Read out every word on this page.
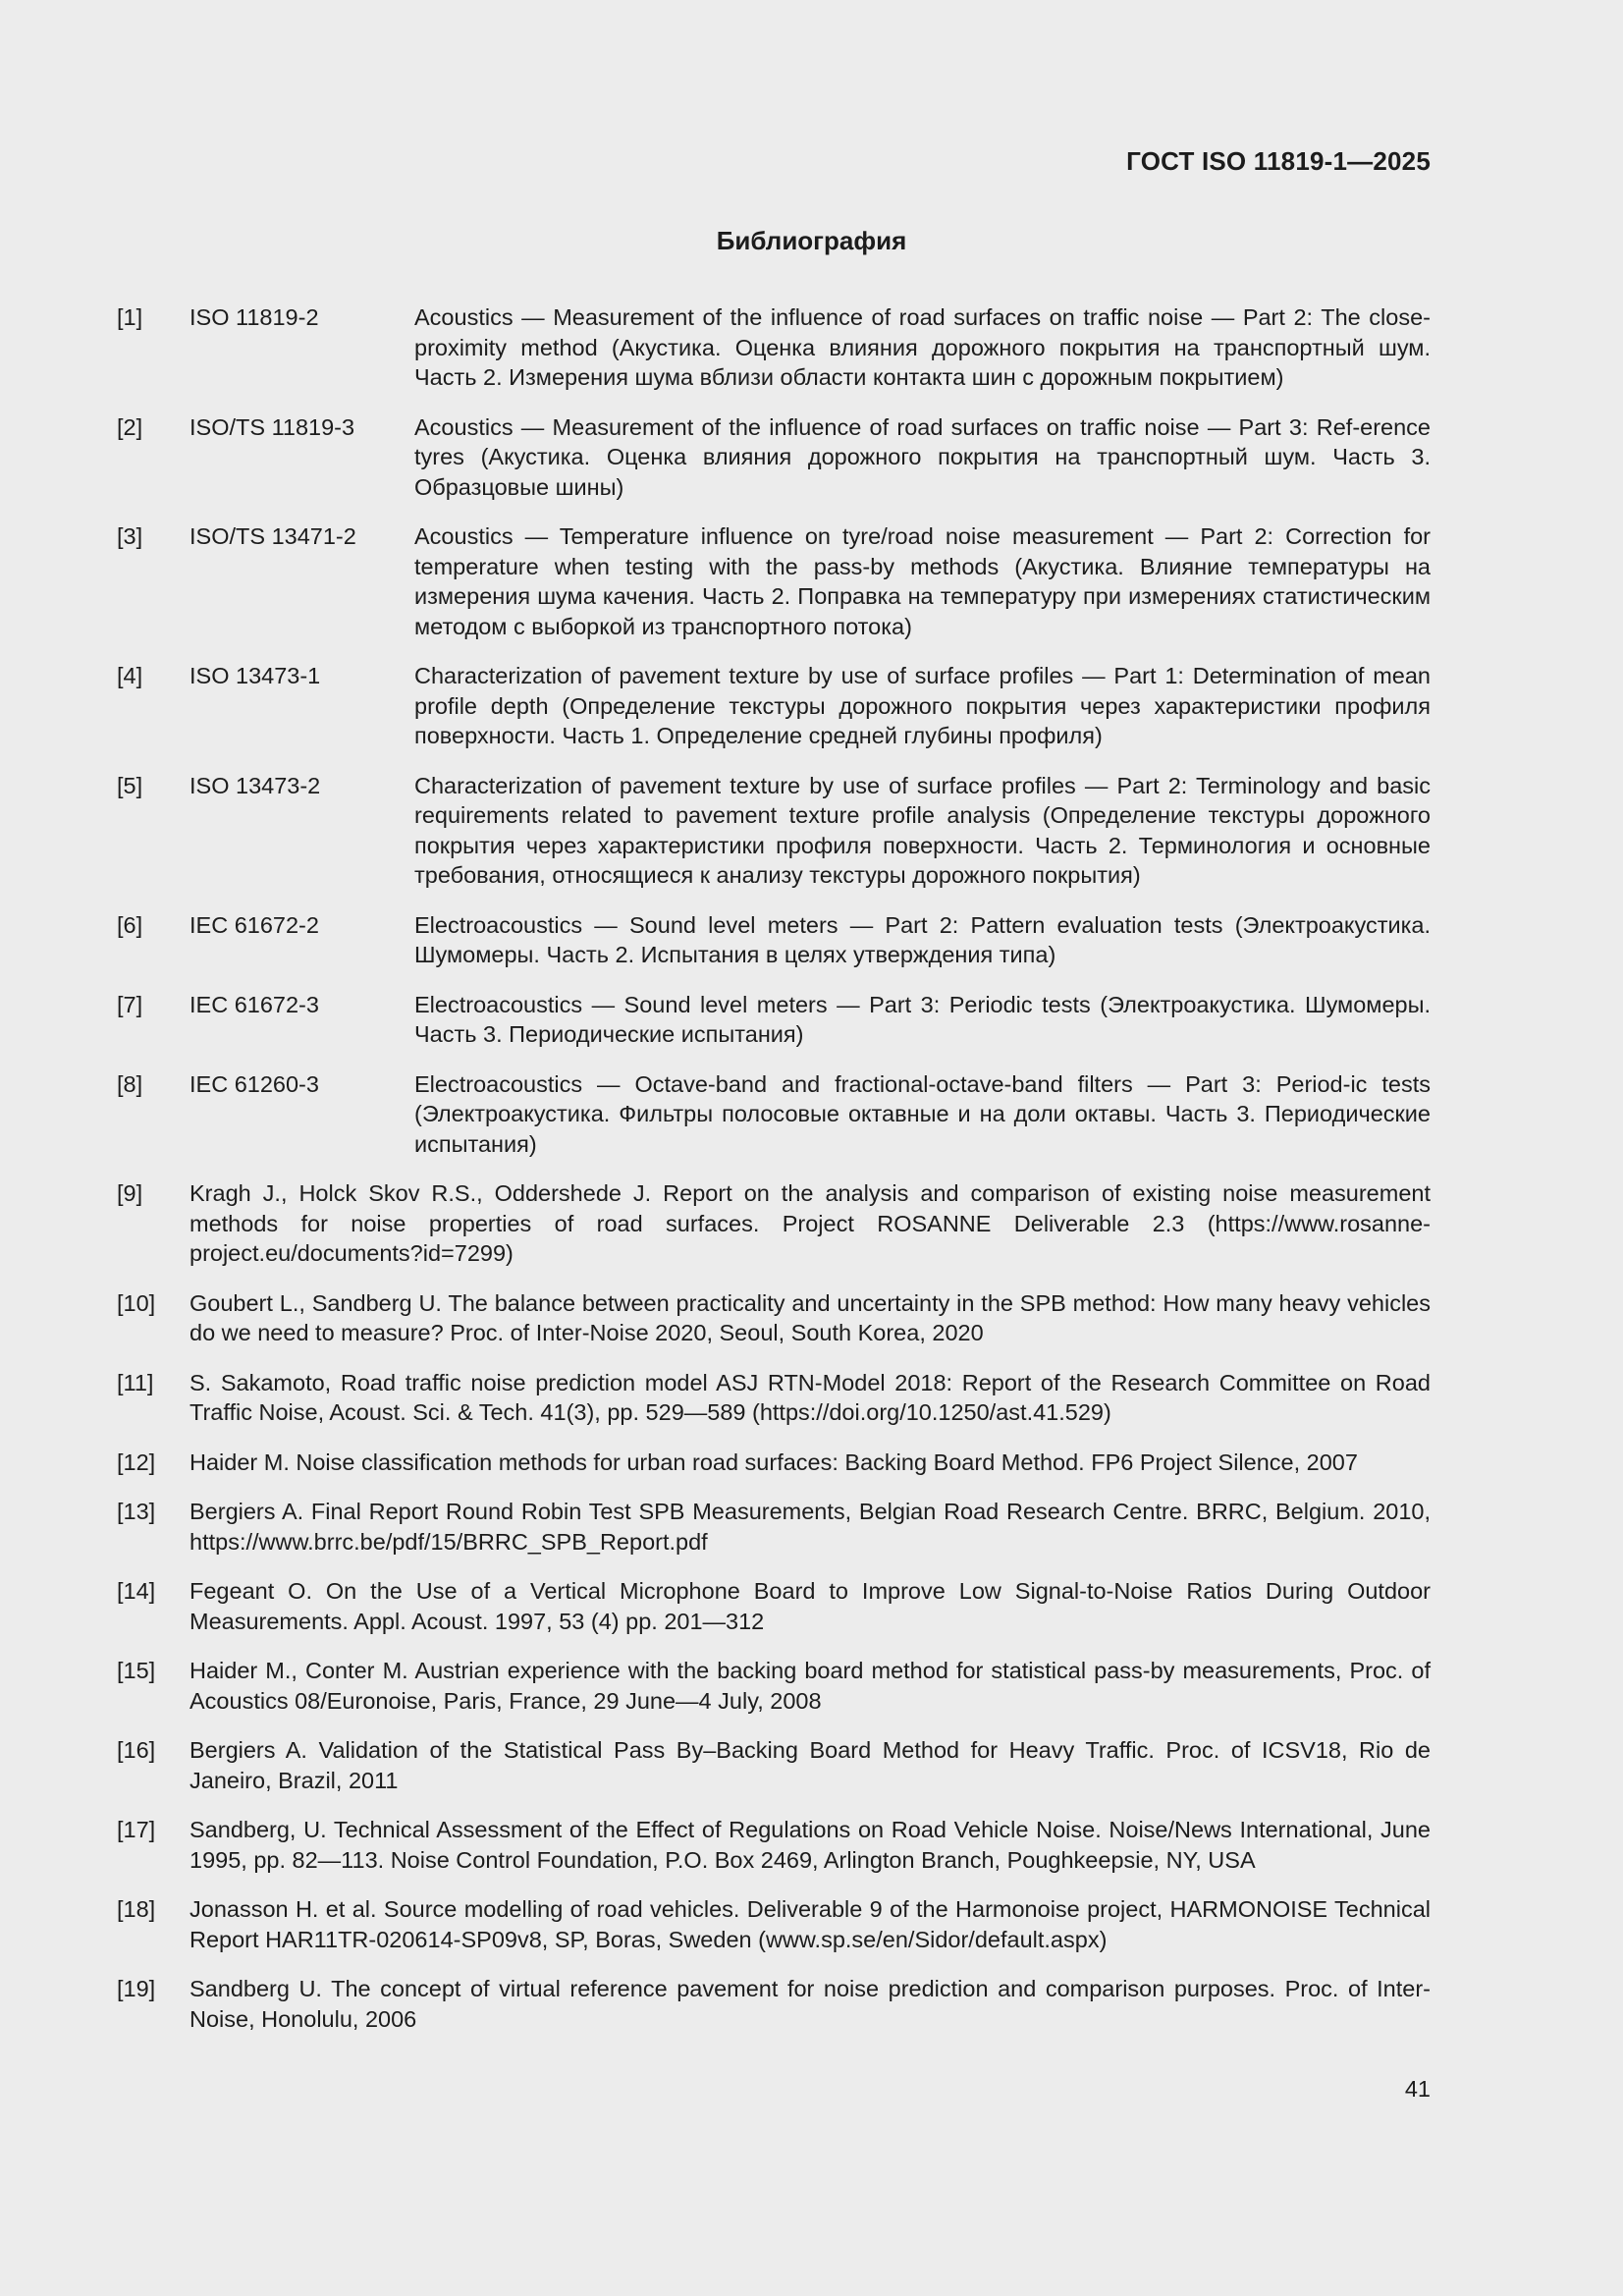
ГОСТ ISO 11819-1—2025
Библиография
[1]	ISO 11819-2	Acoustics — Measurement of the influence of road surfaces on traffic noise — Part 2: The close-proximity method (Акустика. Оценка влияния дорожного покрытия на транспортный шум. Часть 2. Измерения шума вблизи области контакта шин с дорожным покрытием)
[2]	ISO/TS 11819-3	Acoustics — Measurement of the influence of road surfaces on traffic noise — Part 3: Ref-erence tyres (Акустика. Оценка влияния дорожного покрытия на транспортный шум. Часть 3. Образцовые шины)
[3]	ISO/TS 13471-2	Acoustics — Temperature influence on tyre/road noise measurement — Part 2: Correction for temperature when testing with the pass-by methods (Акустика. Влияние температуры на измерения шума качения. Часть 2. Поправка на температуру при измерениях статистическим методом с выборкой из транспортного потока)
[4]	ISO 13473-1	Characterization of pavement texture by use of surface profiles — Part 1: Determination of mean profile depth (Определение текстуры дорожного покрытия через характеристики профиля поверхности. Часть 1. Определение средней глубины профиля)
[5]	ISO 13473-2	Characterization of pavement texture by use of surface profiles — Part 2: Terminology and basic requirements related to pavement texture profile analysis (Определение текстуры дорожного покрытия через характеристики профиля поверхности. Часть 2. Терминология и основные требования, относящиеся к анализу текстуры дорожного покрытия)
[6]	IEC 61672-2	Electroacoustics — Sound level meters — Part 2: Pattern evaluation tests (Электроакустика. Шумомеры. Часть 2. Испытания в целях утверждения типа)
[7]	IEC 61672-3	Electroacoustics — Sound level meters — Part 3: Periodic tests (Электроакустика. Шумомеры. Часть 3. Периодические испытания)
[8]	IEC 61260-3	Electroacoustics — Octave-band and fractional-octave-band filters — Part 3: Period-ic tests (Электроакустика. Фильтры полосовые октавные и на доли октавы. Часть 3. Периодические испытания)
[9]	Kragh J., Holck Skov R.S., Oddershede J. Report on the analysis and comparison of existing noise measurement methods for noise properties of road surfaces. Project ROSANNE Deliverable 2.3 (https://www.rosanne-project.eu/documents?id=7299)
[10]	Goubert L., Sandberg U. The balance between practicality and uncertainty in the SPB method: How many heavy vehicles do we need to measure? Proc. of Inter-Noise 2020, Seoul, South Korea, 2020
[11]	S. Sakamoto, Road traffic noise prediction model ASJ RTN-Model 2018: Report of the Research Committee on Road Traffic Noise, Acoust. Sci. & Tech. 41(3), pp. 529—589 (https://doi.org/10.1250/ast.41.529)
[12]	Haider M. Noise classification methods for urban road surfaces: Backing Board Method. FP6 Project Silence, 2007
[13]	Bergiers A. Final Report Round Robin Test SPB Measurements, Belgian Road Research Centre. BRRC, Belgium. 2010, https://www.brrc.be/pdf/15/BRRC_SPB_Report.pdf
[14]	Fegeant O. On the Use of a Vertical Microphone Board to Improve Low Signal-to-Noise Ratios During Outdoor Measurements. Appl. Acoust. 1997, 53 (4) pp. 201—312
[15]	Haider M., Conter M. Austrian experience with the backing board method for statistical pass-by measurements, Proc. of Acoustics 08/Euronoise, Paris, France, 29 June—4 July, 2008
[16]	Bergiers A. Validation of the Statistical Pass By–Backing Board Method for Heavy Traffic. Proc. of ICSV18, Rio de Janeiro, Brazil, 2011
[17]	Sandberg, U. Technical Assessment of the Effect of Regulations on Road Vehicle Noise. Noise/News International, June 1995, pp. 82—113. Noise Control Foundation, P.O. Box 2469, Arlington Branch, Poughkeepsie, NY, USA
[18]	Jonasson H. et al. Source modelling of road vehicles. Deliverable 9 of the Harmonoise project, HARMONOISE Technical Report HAR11TR-020614-SP09v8, SP, Boras, Sweden (www.sp.se/en/Sidor/default.aspx)
[19]	Sandberg U. The concept of virtual reference pavement for noise prediction and comparison purposes. Proc. of Inter-Noise, Honolulu, 2006
41
